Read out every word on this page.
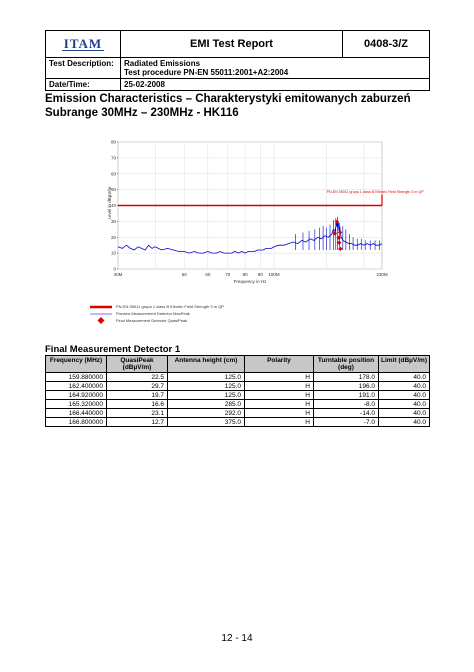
ITAM	EMI Test Report	0408-3/Z
Test Description:	Radiated Emissions
Test procedure PN-EN 55011:2001+A2:2004	

Date/Time:	25-02-2008	
Emission Characteristics – Charakterystyki emitowanych zaburzeń
Subrange 30MHz – 230MHz - HK116
0
10
20
30
40
50
60
70
80
30M	50	60	70	80 90 100M	230M
PN-EN 55011 grupa 1 class B Electric Field Strength 3 m QP
Level in dBµV/m
Frequency in Hz
PN-EN 55011 grupa 1 class B Electric Field Strength 3 m QP
Preview Measurement Detector MaxPeak
Final Measurement Detector QuasiPeak
Final Measurement Detector 1
Frequency (MHz)	QuasiPeak (dBµV/m)	Antenna height (cm)	Polarity	Turntable position (deg)	Limit (dBµV/m)
159.880000	22.5	125.0	H	178.0	40.0
162.400000	29.7	125.0	H	196.0	40.0
164.920000	19.7	125.0	H	191.0	40.0
165.320000	16.6	285.0	H	-8.0	40.0
166.440000	23.1	292.0	H	-14.0	40.0
166.800000	12.7	375.0	H	-7.0	40.0
12 - 14
